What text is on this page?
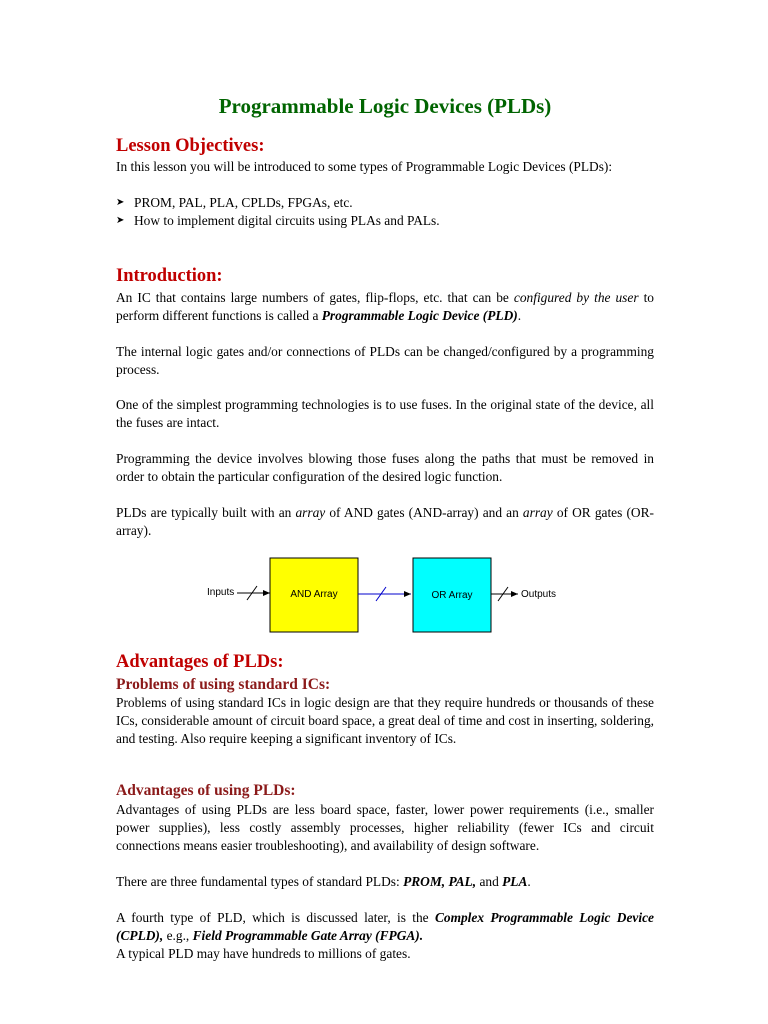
Programmable Logic Devices (PLDs)
Lesson Objectives:

In this lesson you will be introduced to some types of Programmable Logic Devices (PLDs):

➤ PROM, PAL, PLA, CPLDs, FPGAs, etc.
➤ How to implement digital circuits using PLAs and PALs.
Introduction:

An IC that contains large numbers of gates, flip-flops, etc. that can be configured by the user to perform different functions is called a Programmable Logic Device (PLD).

The internal logic gates and/or connections of PLDs can be changed/configured by a programming process.

One of the simplest programming technologies is to use fuses. In the original state of the device, all the fuses are intact.

Programming the device involves blowing those fuses along the paths that must be removed in order to obtain the particular configuration of the desired logic function.

PLDs are typically built with an array of AND gates (AND-array) and an array of OR gates (OR-array).

Inputs	AND Array	OR Array	Outputs
Advantages of PLDs:
Problems of using standard ICs:

Problems of using standard ICs in logic design are that they require hundreds or thousands of these ICs, considerable amount of circuit board space, a great deal of time and cost in inserting, soldering, and testing. Also require keeping a significant inventory of ICs.

Advantages of using PLDs:

Advantages of using PLDs are less board space, faster, lower power requirements (i.e., smaller power supplies), less costly assembly processes, higher reliability (fewer ICs and circuit connections means easier troubleshooting), and availability of design software.

There are three fundamental types of standard PLDs: PROM, PAL, and PLA.

A fourth type of PLD, which is discussed later, is the Complex Programmable Logic Device (CPLD), e.g., Field Programmable Gate Array (FPGA).

A typical PLD may have hundreds to millions of gates.
